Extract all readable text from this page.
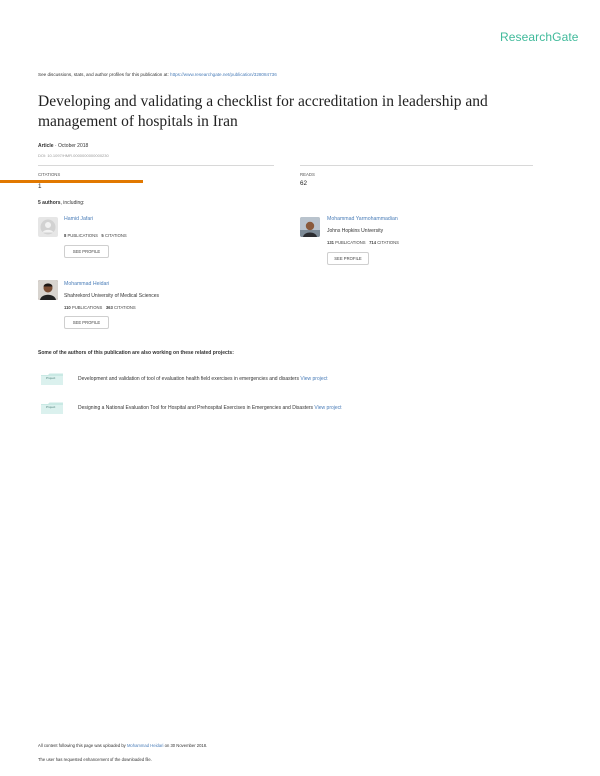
ResearchGate
See discussions, stats, and author profiles for this publication at: https://www.researchgate.net/publication/328084736
Developing and validating a checklist for accreditation in leadership and management of hospitals in Iran
Article · October 2018
DOI: 10.1097/HMR.0000000000000230
CITATIONS
1
READS
62
5 authors, including:
Hamid Jafari
8 PUBLICATIONS 5 CITATIONS
SEE PROFILE
Mohammad Yarmohammadian
Johns Hopkins University
131 PUBLICATIONS 714 CITATIONS
SEE PROFILE
Mohammad Heidari
Shahrekord University of Medical Sciences
110 PUBLICATIONS 363 CITATIONS
SEE PROFILE
Some of the authors of this publication are also working on these related projects:
Project	Development and validation of tool of evaluation health field exercises in emergencies and disasters View project
Project	Designing a National Evaluation Tool for Hospital and Prehospital Exercises in Emergencies and Disasters View project
All content following this page was uploaded by Mohammad Heidari on 30 November 2018.
The user has requested enhancement of the downloaded file.
